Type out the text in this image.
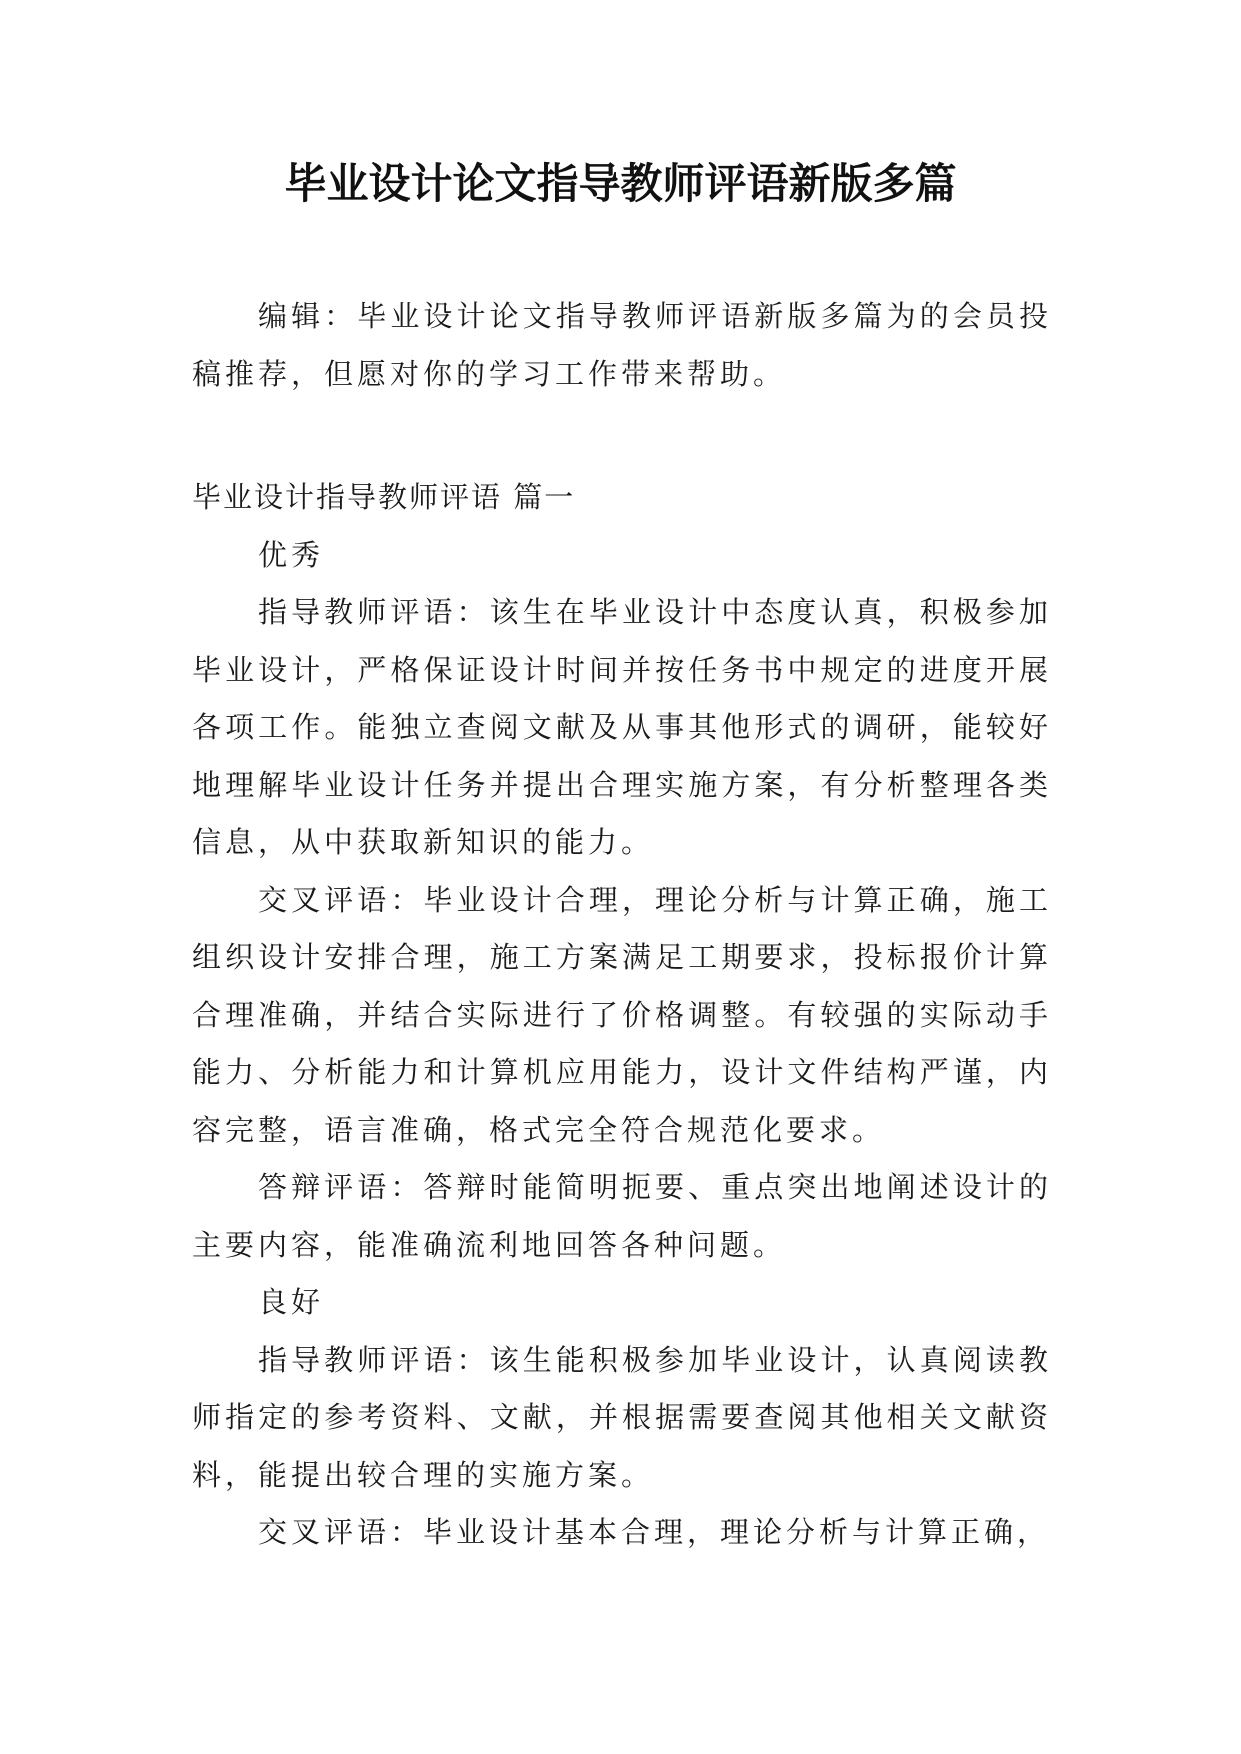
毕业设计论文指导教师评语新版多篇

编辑：毕业设计论文指导教师评语新版多篇为的会员投稿推荐，但愿对你的学习工作带来帮助。

毕业设计指导教师评语 篇一

优秀

指导教师评语：该生在毕业设计中态度认真，积极参加毕业设计，严格保证设计时间并按任务书中规定的进度开展各项工作。能独立查阅文献及从事其他形式的调研，能较好地理解毕业设计任务并提出合理实施方案，有分析整理各类信息，从中获取新知识的能力。

交叉评语：毕业设计合理，理论分析与计算正确，施工组织设计安排合理，施工方案满足工期要求，投标报价计算合理准确，并结合实际进行了价格调整。有较强的实际动手能力、分析能力和计算机应用能力，设计文件结构严谨，内容完整，语言准确，格式完全符合规范化要求。

答辩评语：答辩时能简明扼要、重点突出地阐述设计的主要内容，能准确流利地回答各种问题。

良好

指导教师评语：该生能积极参加毕业设计，认真阅读教师指定的参考资料、文献，并根据需要查阅其他相关文献资料，能提出较合理的实施方案。

交叉评语：毕业设计基本合理，理论分析与计算正确，
